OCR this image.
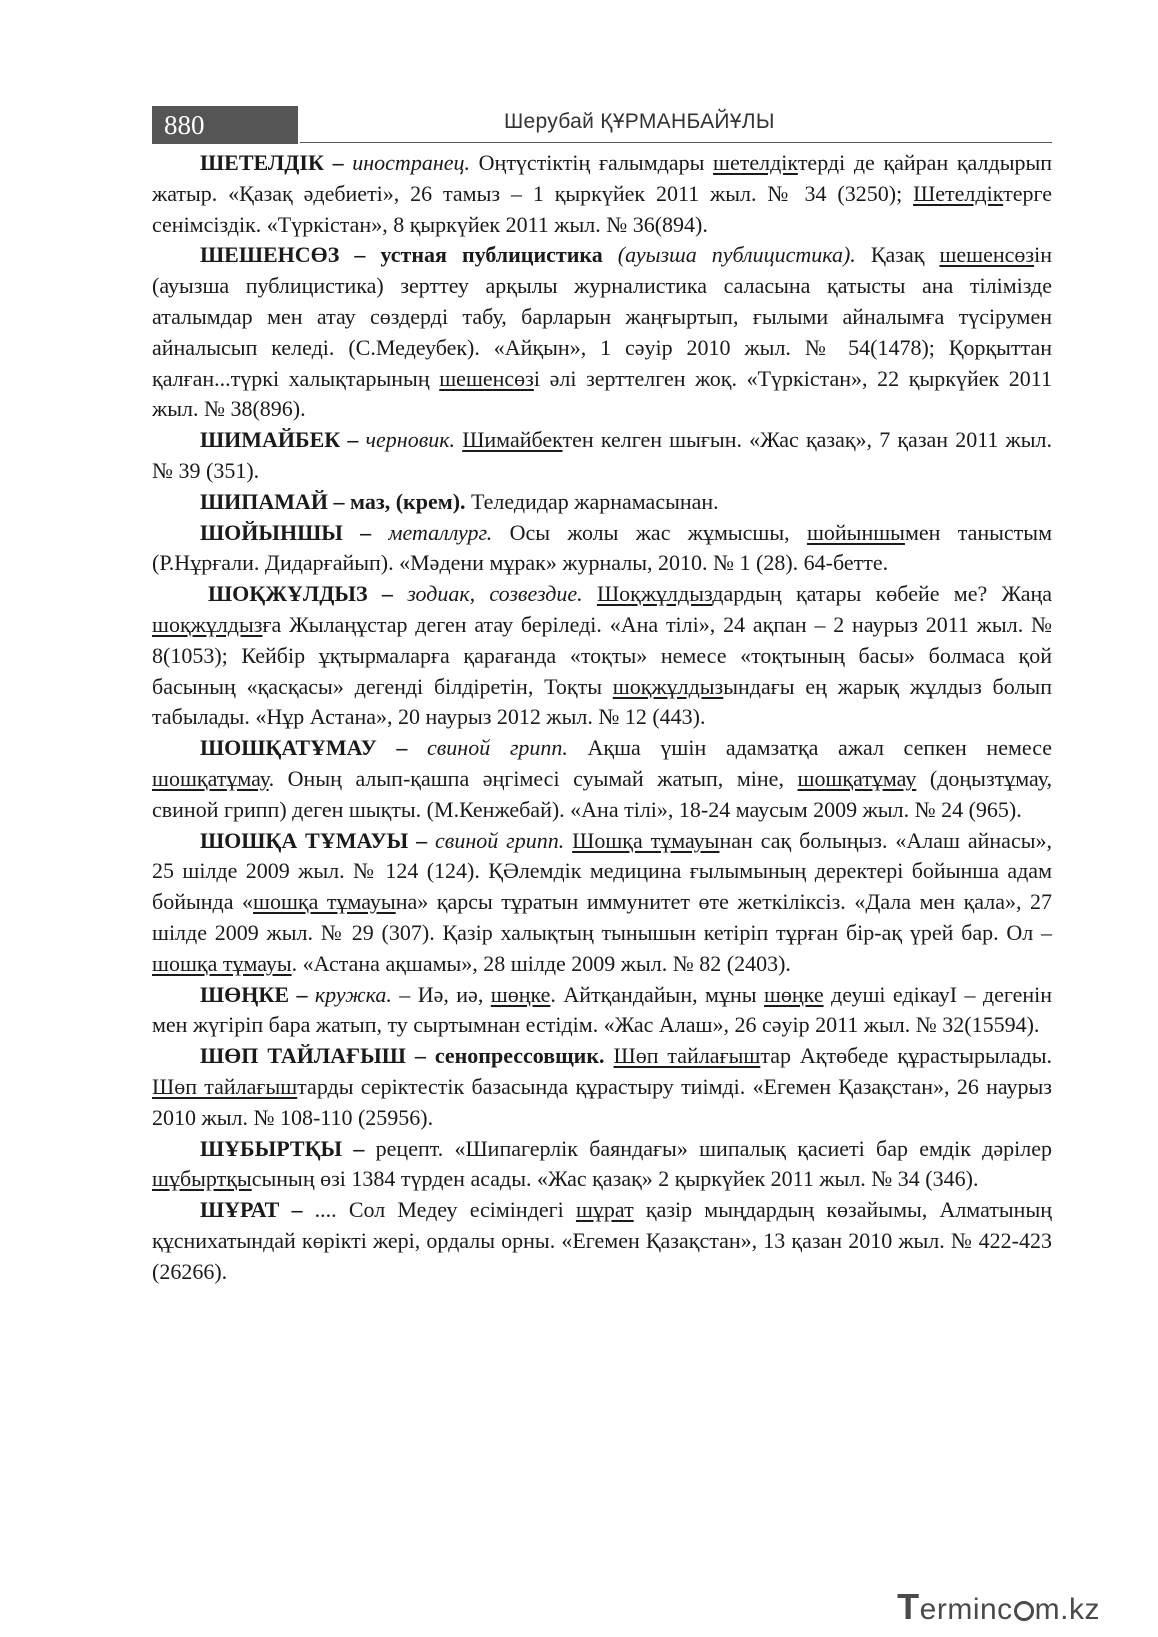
880	Шерубай ҚҰРМАНБАЙҰЛЫ

ШЕТЕЛДІК – иностранец. Оңтүстіктің ғалымдары шетелдіктерді де қайран қалдырып жатыр. «Қазақ әдебиеті», 26 тамыз – 1 қыркүйек 2011 жыл. № 34 (3250); Шетелдіктерге сенімсіздік. «Түркістан», 8 қыркүйек 2011 жыл. № 36(894).

ШЕШЕНСӨЗ – устная публицистика (ауызша публицистика). Қазақ шешенсөзін (ауызша публицистика) зерттеу арқылы журналистика саласына қатысты ана тілімізде аталымдар мен атау сөздерді табу, барларын жаңғыртып, ғылыми айналымға түсірумен айналысып келеді. (С.Медеубек). «Айқын», 1 сәуір 2010 жыл. № 54(1478); Қорқыттан қалған...түркі халықтарының шешенсөзі әлі зерттелген жоқ. «Түркістан», 22 қыркүйек 2011 жыл. № 38(896).

ШИМАЙБЕК – черновик. Шимайбектен келген шығын. «Жас қазақ», 7 қазан 2011 жыл. № 39 (351).

ШИПАМАЙ – маз, (крем). Теледидар жарнамасынан.

ШОЙЫНШЫ – металлург. Осы жолы жас жұмысшы, шойыншымен таныстым (Р.Нұрғали. Дидарғайып). «Мәдени мұрак» журналы, 2010. № 1 (28). 64-бетте.

ШОҚЖҰЛДЫЗ – зодиак, созвездие. Шоқжұлдыздардың қатары көбейе ме? Жаңа шоқжұлдызға Жылаңұстар деген атау беріледі. «Ана тілі», 24 ақпан – 2 наурыз 2011 жыл. № 8(1053); Кейбір ұқтырмаларға қарағанда «тоқты» немесе «тоқтының басы» болмаса қой басының «қасқасы» дегенді білдіретін, Тоқты шоқжұлдызындағы ең жарық жұлдыз болып табылады. «Нұр Астана», 20 наурыз 2012 жыл. № 12 (443).

ШОШҚАТҰМАУ – свиной грипп. Ақша үшін адамзатқа ажал сепкен немесе шошқатұмау. Оның алып-қашпа әңгімесі суымай жатып, міне, шошқатұмау (доңызтұмау, свиной грипп) деген шықты. (М.Кенжебай). «Ана тілі», 18-24 маусым 2009 жыл. № 24 (965).

ШОШҚА ТҰМАУЫ – свиной грипп. Шошқа тұмауынан сақ болыңыз. «Алаш айнасы», 25 шілде 2009 жыл. № 124 (124). ҚӘлемдік медицина ғылымының деректері бойынша адам бойында «шошқа тұмауына» қарсы тұратын иммунитет өте жеткіліксіз. «Дала мен қала», 27 шілде 2009 жыл. № 29 (307). Қазір халықтың тынышын кетіріп тұрған бір-ақ үрей бар. Ол – шошқа тұмауы. «Астана ақшамы», 28 шілде 2009 жыл. № 82 (2403).

ШӨҢКЕ – кружка. – Иә, иә, шөңке. Айтқандайын, мұны шөңке деуші едікауІ – дегенін мен жүгіріп бара жатып, ту сыртымнан естідім. «Жас Алаш», 26 сәуір 2011 жыл. № 32(15594).

ШӨП ТАЙЛАҒЫШ – сенопрессовщик. Шөп тайлағыштар Ақтөбеде құрастырылады. Шөп тайлағыштарды серіктестік базасында құрастыру тиімді. «Егемен Қазақстан», 26 наурыз 2010 жыл. № 108-110 (25956).

ШҰБЫРТҚЫ – рецепт. «Шипагерлік баяндағы» шипалық қасиеті бар емдік дәрілер шұбыртқысының өзі 1384 түрден асады. «Жас қазақ» 2 қыркүйек 2011 жыл. № 34 (346).

ШҰРАТ – .... Сол Медеу есіміндегі шұрат қазір мыңдардың көзайымы, Алматының құснихатындай көрікті жері, ордалы орны. «Егемен Қазақстан», 13 қазан 2010 жыл. № 422-423 (26266).

Terminc m.kz
